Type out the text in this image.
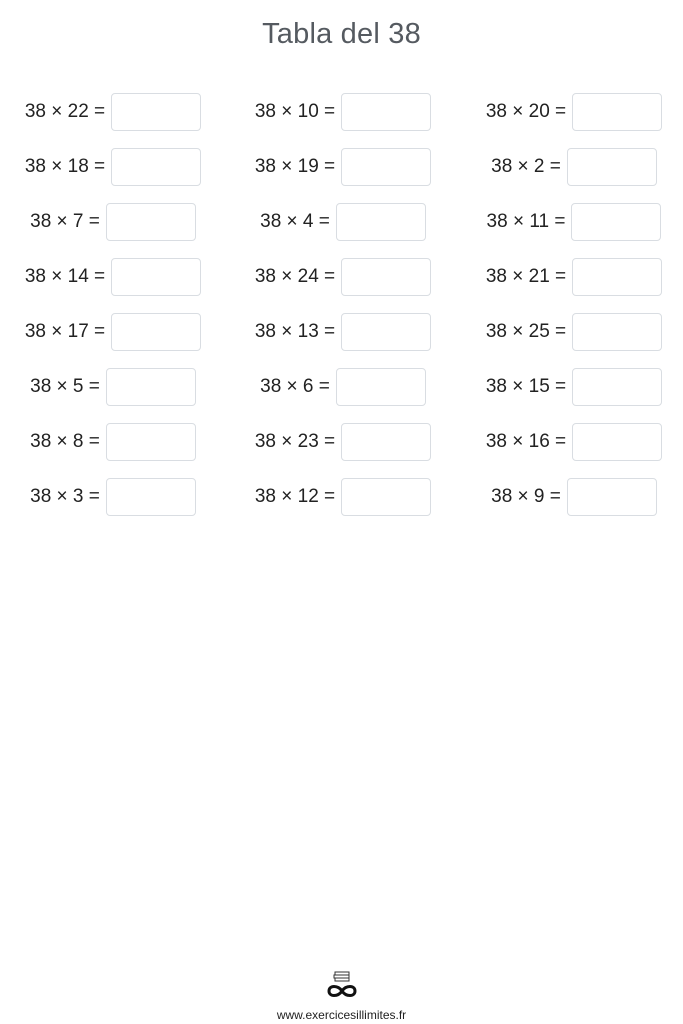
Tabla del 38
38 × 22 =	38 × 10 =	38 × 20 =
38 × 18 =	38 × 19 =	38 × 2 =
38 × 7 =	38 × 4 =	38 × 11 =
38 × 14 =	38 × 24 =	38 × 21 =
38 × 17 =	38 × 13 =	38 × 25 =
38 × 5 =	38 × 6 =	38 × 15 =
38 × 8 =	38 × 23 =	38 × 16 =
38 × 3 =	38 × 12 =	38 × 9 =
www.exercicesillimites.fr
